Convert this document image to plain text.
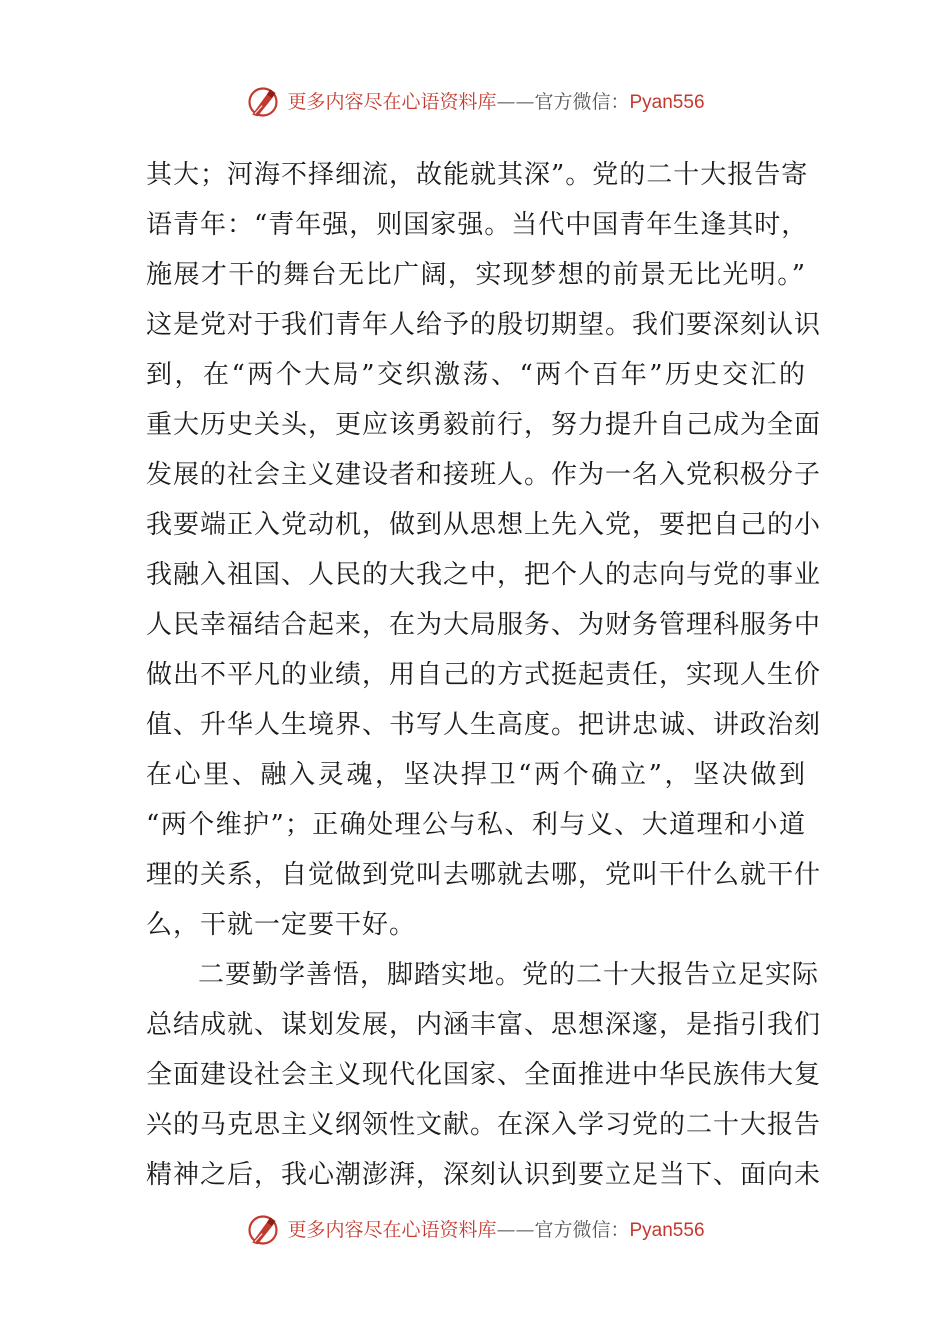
更多内容尽在心语资料库 —— 官方微信： Pyan556
其大；河海不择细流，故能就其深”。党的二十大报告寄
语青年：“青年强，则国家强。当代中国青年生逢其时，
施展才干的舞台无比广阔，实现梦想的前景无比光明。”
这是党对于我们青年人给予的殷切期望。我们要深刻认识
到，在“两个大局”交织激荡、“两个百年”历史交汇的
重大历史关头，更应该勇毅前行，努力提升自己成为全面
发展的社会主义建设者和接班人。作为一名入党积极分子
我要端正入党动机，做到从思想上先入党，要把自己的小
我融入祖国、人民的大我之中，把个人的志向与党的事业
人民幸福结合起来，在为大局服务、为财务管理科服务中
做出不平凡的业绩，用自己的方式挺起责任，实现人生价
值、升华人生境界、书写人生高度。把讲忠诚、讲政治刻
在心里、融入灵魂，坚决捍卫“两个确立”，坚决做到
“两个维护”；正确处理公与私、利与义、大道理和小道
理的关系，自觉做到党叫去哪就去哪，党叫干什么就干什
么，干就一定要干好。
二要勤学善悟，脚踏实地。党的二十大报告立足实际
总结成就、谋划发展，内涵丰富、思想深邃，是指引我们
全面建设社会主义现代化国家、全面推进中华民族伟大复
兴的马克思主义纲领性文献。在深入学习党的二十大报告
精神之后，我心潮澎湃，深刻认识到要立足当下、面向未
更多内容尽在心语资料库 —— 官方微信： Pyan556
